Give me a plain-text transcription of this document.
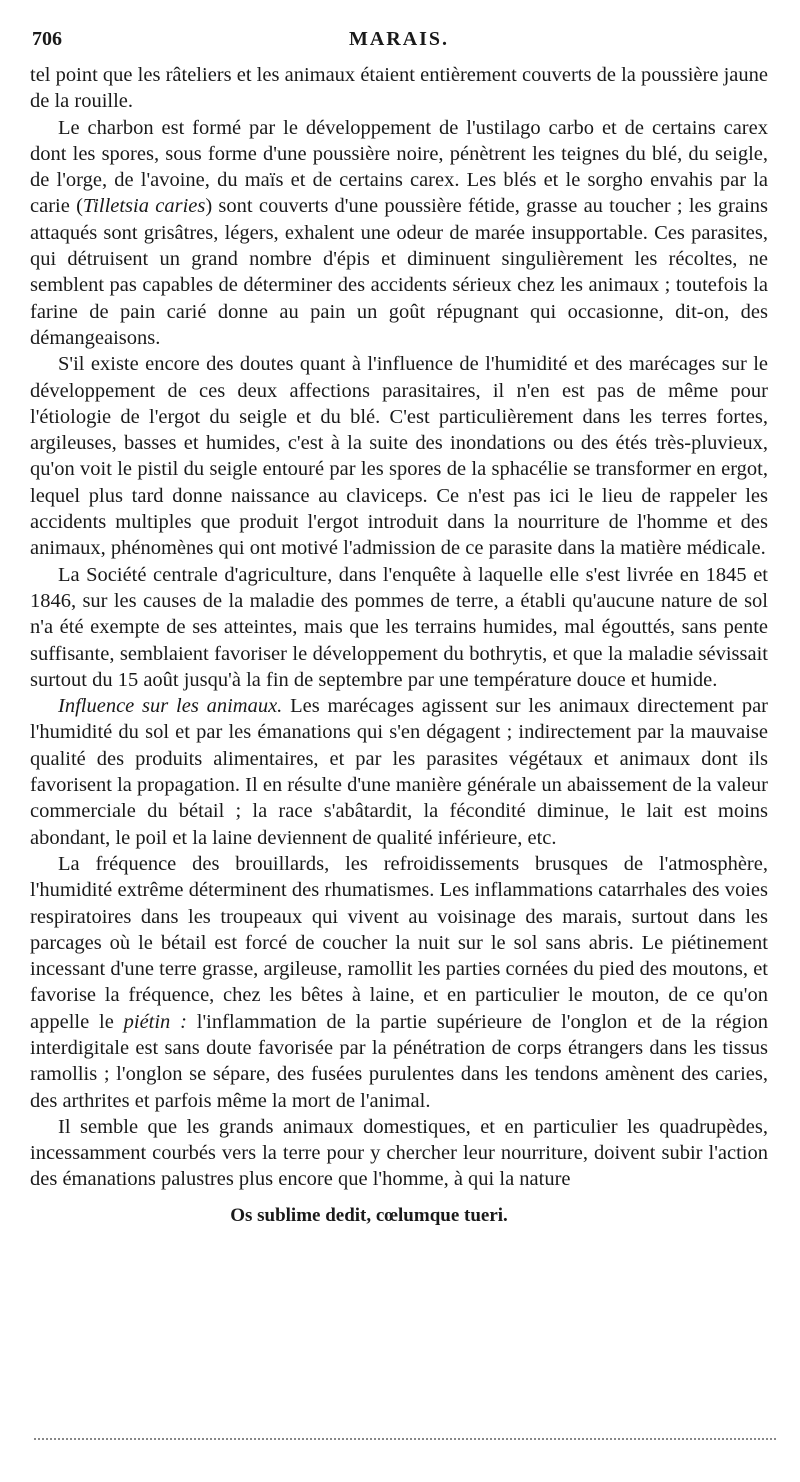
706	MARAIS.

tel point que les râteliers et les animaux étaient entièrement couverts de la poussière jaune de la rouille.

Le charbon est formé par le développement de l'ustilago carbo et de certains carex dont les spores, sous forme d'une poussière noire, pénètrent les teignes du blé, du seigle, de l'orge, de l'avoine, du maïs et de certains carex. Les blés et le sorgho envahis par la carie (Tilletsia caries) sont couverts d'une poussière fétide, grasse au toucher ; les grains attaqués sont grisâtres, légers, exhalent une odeur de marée insupportable. Ces parasites, qui détruisent un grand nombre d'épis et diminuent singulièrement les récoltes, ne semblent pas capables de déterminer des accidents sérieux chez les animaux ; toutefois la farine de pain carié donne au pain un goût répugnant qui occasionne, dit-on, des démangeaisons.

S'il existe encore des doutes quant à l'influence de l'humidité et des marécages sur le développement de ces deux affections parasitaires, il n'en est pas de même pour l'étiologie de l'ergot du seigle et du blé. C'est particulièrement dans les terres fortes, argileuses, basses et humides, c'est à la suite des inondations ou des étés très-pluvieux, qu'on voit le pistil du seigle entouré par les spores de la sphacélie se transformer en ergot, lequel plus tard donne naissance au claviceps. Ce n'est pas ici le lieu de rappeler les accidents multiples que produit l'ergot introduit dans la nourriture de l'homme et des animaux, phénomènes qui ont motivé l'admission de ce parasite dans la matière médicale.

La Société centrale d'agriculture, dans l'enquête à laquelle elle s'est livrée en 1845 et 1846, sur les causes de la maladie des pommes de terre, a établi qu'aucune nature de sol n'a été exempte de ses atteintes, mais que les terrains humides, mal égouttés, sans pente suffisante, semblaient favoriser le développement du bothrytis, et que la maladie sévissait surtout du 15 août jusqu'à la fin de septembre par une température douce et humide.

Influence sur les animaux. Les marécages agissent sur les animaux directement par l'humidité du sol et par les émanations qui s'en dégagent ; indirectement par la mauvaise qualité des produits alimentaires, et par les parasites végétaux et animaux dont ils favorisent la propagation. Il en résulte d'une manière générale un abaissement de la valeur commerciale du bétail ; la race s'abâtardit, la fécondité diminue, le lait est moins abondant, le poil et la laine deviennent de qualité inférieure, etc.

La fréquence des brouillards, les refroidissements brusques de l'atmosphère, l'humidité extrême déterminent des rhumatismes. Les inflammations catarrhales des voies respiratoires dans les troupeaux qui vivent au voisinage des marais, surtout dans les parcages où le bétail est forcé de coucher la nuit sur le sol sans abris. Le piétinement incessant d'une terre grasse, argileuse, ramollit les parties cornées du pied des moutons, et favorise la fréquence, chez les bêtes à laine, et en particulier le mouton, de ce qu'on appelle le piétin : l'inflammation de la partie supérieure de l'onglon et de la région interdigitale est sans doute favorisée par la pénétration de corps étrangers dans les tissus ramollis ; l'onglon se sépare, des fusées purulentes dans les tendons amènent des caries, des arthrites et parfois même la mort de l'animal.

Il semble que les grands animaux domestiques, et en particulier les quadrupèdes, incessamment courbés vers la terre pour y chercher leur nourriture, doivent subir l'action des émanations palustres plus encore que l'homme, à qui la nature

Os sublime dedit, cœlumque tueri.
